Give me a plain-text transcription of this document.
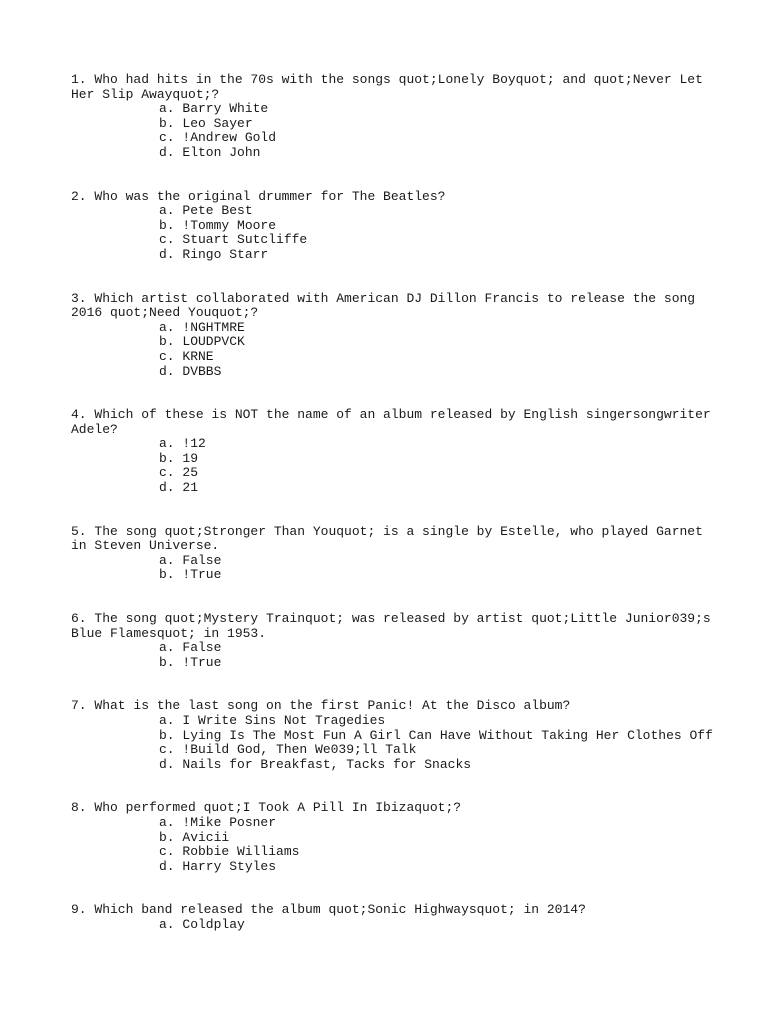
1. Who had hits in the 70s with the songs quot;Lonely Boyquot; and quot;Never Let Her Slip Awayquot;?

a. Barry White
b. Leo Sayer
c. !Andrew Gold
d. Elton John

2. Who was the original drummer for The Beatles?

a. Pete Best
b. !Tommy Moore
c. Stuart Sutcliffe
d. Ringo Starr

3. Which artist collaborated with American DJ Dillon Francis to release the song 2016 quot;Need Youquot;?

a. !NGHTMRE
b. LOUDPVCK
c. KRNE
d. DVBBS

4. Which of these is NOT the name of an album released by English singersongwriter Adele?

a. !12
b. 19
c. 25
d. 21

5. The song quot;Stronger Than Youquot; is a single by Estelle, who played Garnet in Steven Universe.

a. False
b. !True

6. The song quot;Mystery Trainquot; was released by artist quot;Little Junior039;s Blue Flamesquot; in 1953.

a. False
b. !True

7. What is the last song on the first Panic! At the Disco album?

a. I Write Sins Not Tragedies
b. Lying Is The Most Fun A Girl Can Have Without Taking Her Clothes Off
c. !Build God, Then We039;ll Talk
d. Nails for Breakfast, Tacks for Snacks

8. Who performed quot;I Took A Pill In Ibizaquot;?

a. !Mike Posner
b. Avicii
c. Robbie Williams
d. Harry Styles

9. Which band released the album quot;Sonic Highwaysquot; in 2014?

a. Coldplay
